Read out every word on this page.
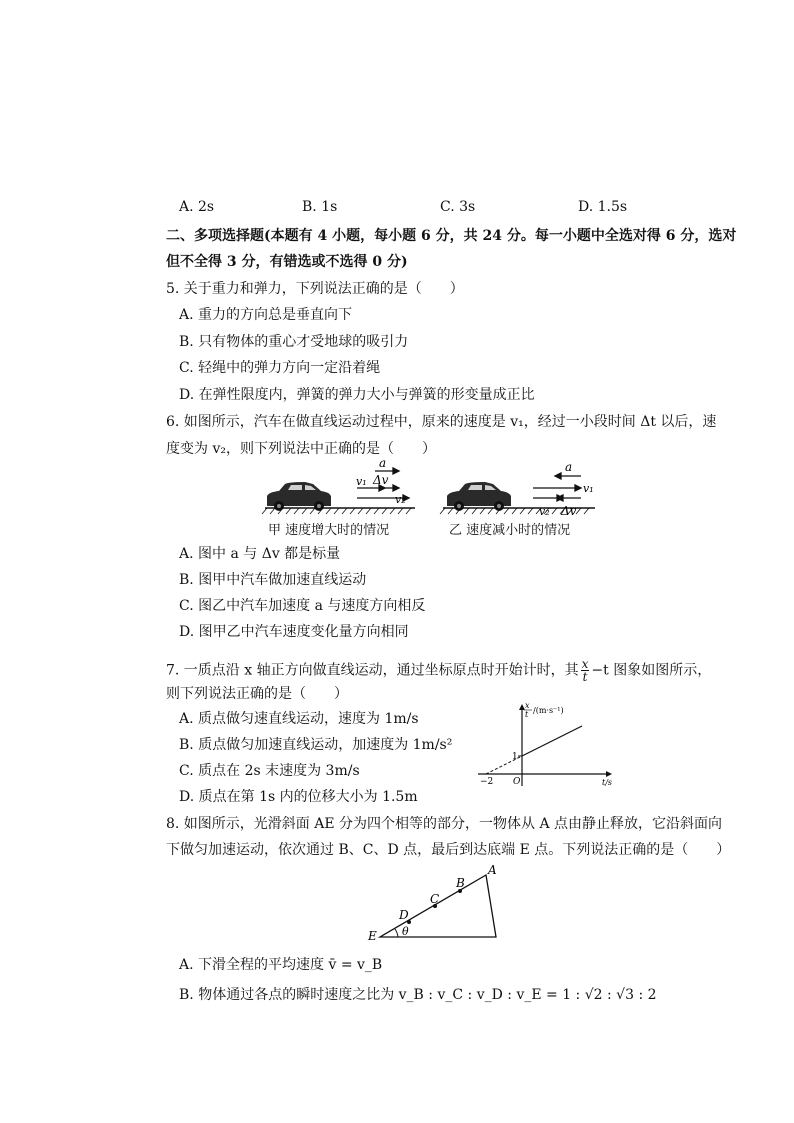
A. 2s	B. 1s	C. 3s	D. 1.5s
二、多项选择题(本题有 4 小题，每小题 6 分，共 24 分。每一小题中全选对得 6 分，选对
但不全得 3 分，有错选或不选得 0 分)
5. 关于重力和弹力，下列说法正确的是（　　）
A. 重力的方向总是垂直向下
B. 只有物体的重心才受地球的吸引力
C. 轻绳中的弹力方向一定沿着绳
D. 在弹性限度内，弹簧的弹力大小与弹簧的形变量成正比
6. 如图所示，汽车在做直线运动过程中，原来的速度是 v₁，经过一小段时间 Δt 以后，速
度变为 v₂，则下列说法中正确的是（　　）
a
Δv
v₁
v₂
a
v₁
v₂ Δv
甲 速度增大时的情况	乙 速度减小时的情况
A. 图中 a 与 Δv 都是标量
B. 图甲中汽车做加速直线运动
C. 图乙中汽车加速度 a 与速度方向相反
D. 图甲乙中汽车速度变化量方向相同
7. 一质点沿 x 轴正方向做直线运动，通过坐标原点时开始计时，其 $\frac{x}{t} -t$ 图象如图所示，
则下列说法正确的是（　　）
A. 质点做匀速直线运动，速度为 1m/s
B. 质点做匀加速直线运动，加速度为 1m/s²
C. 质点在 2s 末速度为 3m/s
D. 质点在第 1s 内的位移大小为 1.5m
x
t /(m·s⁻¹)
1
O
−2	t/s
8. 如图所示，光滑斜面 AE 分为四个相等的部分，一物体从 A 点由静止释放，它沿斜面向
下做匀加速运动，依次通过 B、C、D 点，最后到达底端 E 点。下列说法正确的是（　　）
A
B
C
D
E θ
A. 下滑全程的平均速度 v̄ = v_B
B. 物体通过各点的瞬时速度之比为 v_B : v_C : v_D : v_E = 1 : √2 : √3 : 2
